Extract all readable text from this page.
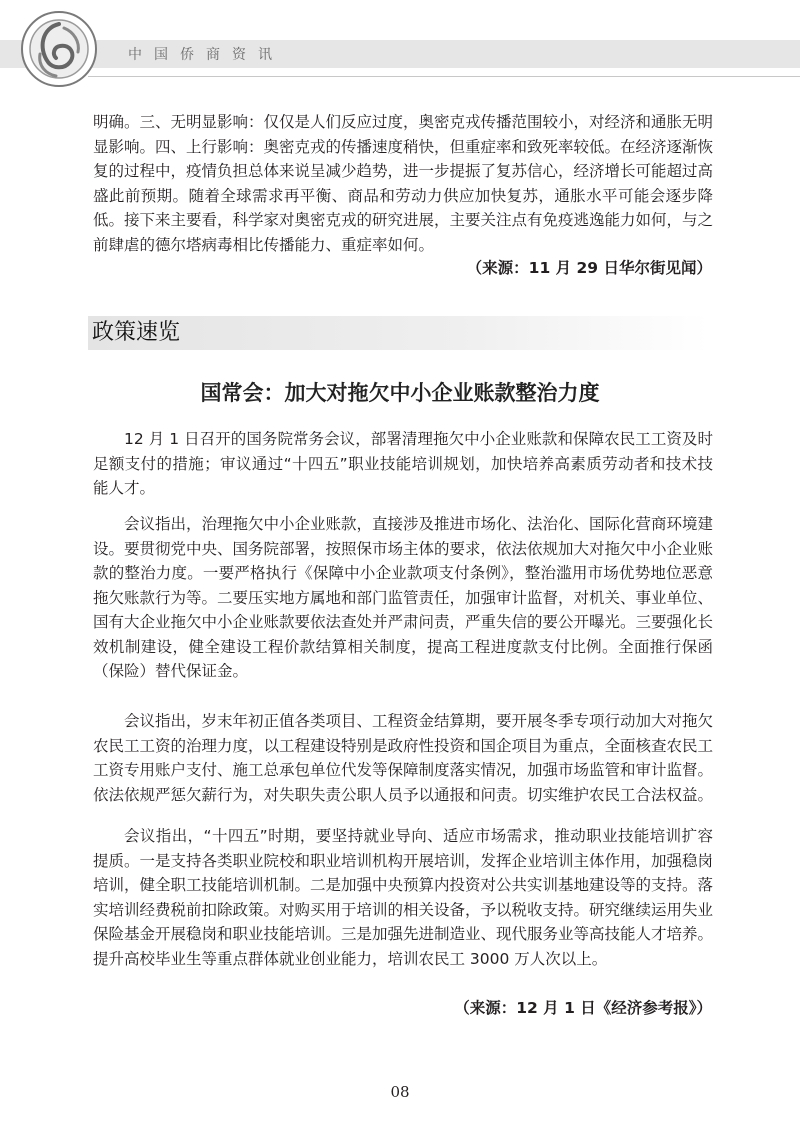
中国侨商资讯

明确。三、无明显影响：仅仅是人们反应过度，奥密克戎传播范围较小，对经济和通胀无明显影响。四、上行影响：奥密克戎的传播速度稍快，但重症率和致死率较低。在经济逐渐恢复的过程中，疫情负担总体来说呈减少趋势，进一步提振了复苏信心，经济增长可能超过高盛此前预期。随着全球需求再平衡、商品和劳动力供应加快复苏，通胀水平可能会逐步降低。接下来主要看，科学家对奥密克戎的研究进展，主要关注点有免疫逃逸能力如何，与之前肆虐的德尔塔病毒相比传播能力、重症率如何。

（来源：11 月 29 日华尔街见闻）
政策速览
国常会：加大对拖欠中小企业账款整治力度

12 月 1 日召开的国务院常务会议，部署清理拖欠中小企业账款和保障农民工工资及时足额支付的措施；审议通过“十四五”职业技能培训规划，加快培养高素质劳动者和技术技能人才。

会议指出，治理拖欠中小企业账款，直接涉及推进市场化、法治化、国际化营商环境建设。要贯彻党中央、国务院部署，按照保市场主体的要求，依法依规加大对拖欠中小企业账款的整治力度。一要严格执行《保障中小企业款项支付条例》，整治滥用市场优势地位恶意拖欠账款行为等。二要压实地方属地和部门监管责任，加强审计监督，对机关、事业单位、国有大企业拖欠中小企业账款要依法查处并严肃问责，严重失信的要公开曝光。三要强化长效机制建设，健全建设工程价款结算相关制度，提高工程进度款支付比例。全面推行保函（保险）替代保证金。

会议指出，岁末年初正值各类项目、工程资金结算期，要开展冬季专项行动加大对拖欠农民工工资的治理力度，以工程建设特别是政府性投资和国企项目为重点，全面核查农民工工资专用账户支付、施工总承包单位代发等保障制度落实情况，加强市场监管和审计监督。依法依规严惩欠薪行为，对失职失责公职人员予以通报和问责。切实维护农民工合法权益。

会议指出，“十四五”时期，要坚持就业导向、适应市场需求，推动职业技能培训扩容提质。一是支持各类职业院校和职业培训机构开展培训，发挥企业培训主体作用，加强稳岗培训，健全职工技能培训机制。二是加强中央预算内投资对公共实训基地建设等的支持。落实培训经费税前扣除政策。对购买用于培训的相关设备，予以税收支持。研究继续运用失业保险基金开展稳岗和职业技能培训。三是加强先进制造业、现代服务业等高技能人才培养。提升高校毕业生等重点群体就业创业能力，培训农民工 3000 万人次以上。

（来源：12 月 1 日《经济参考报》）
08
